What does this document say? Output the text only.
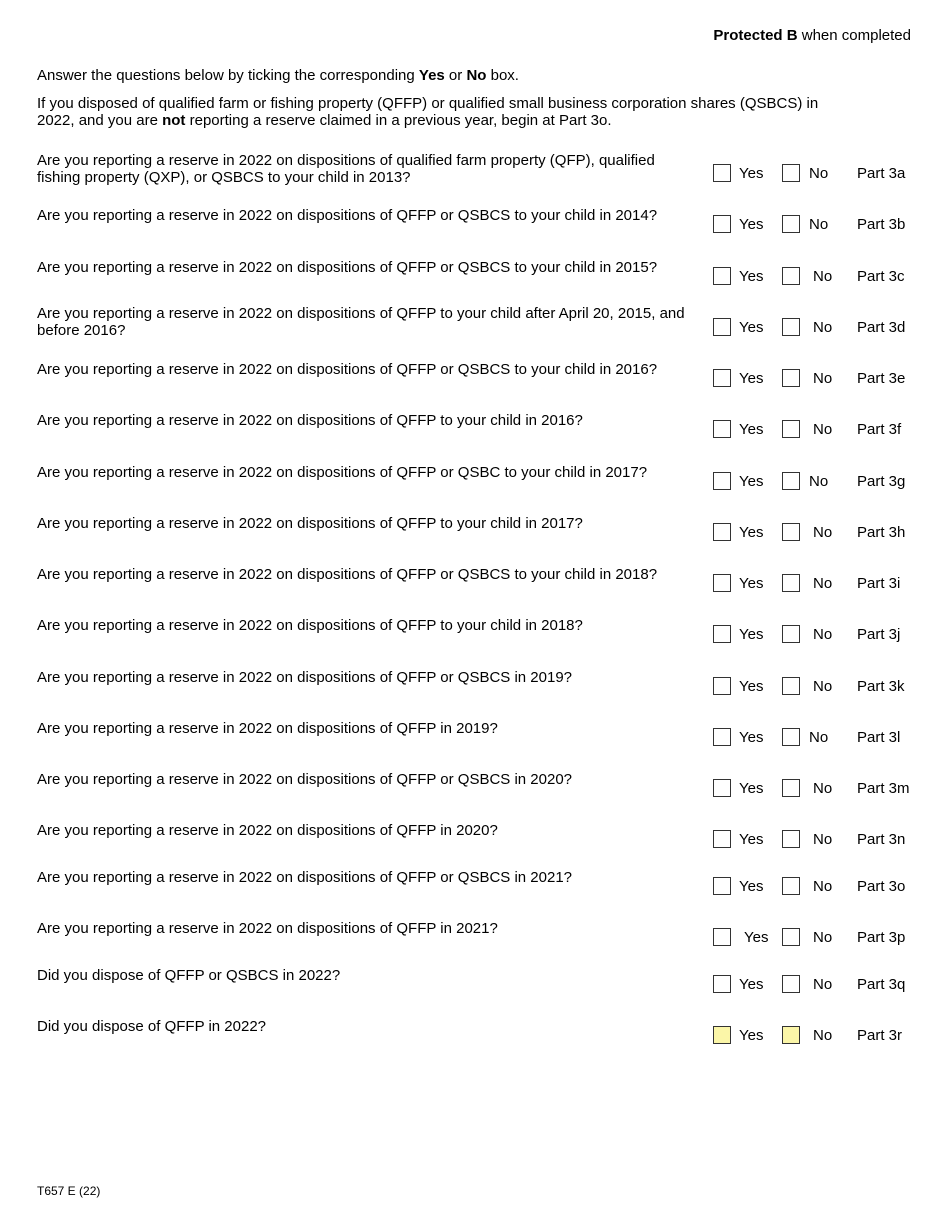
Protected B when completed
Answer the questions below by ticking the corresponding Yes or No box.
If you disposed of qualified farm or fishing property (QFFP) or qualified small business corporation shares (QSBCS) in 2022, and you are not reporting a reserve claimed in a previous year, begin at Part 3o.
Are you reporting a reserve in 2022 on dispositions of qualified farm property (QFP), qualified fishing property (QXP), or QSBCS to your child in 2013?	Yes	No Part 3a
Are you reporting a reserve in 2022 on dispositions of QFFP or QSBCS to your child in 2014?
Yes	No Part 3b
Are you reporting a reserve in 2022 on dispositions of QFFP or QSBCS to your child in 2015?
Yes	No Part 3c
Are you reporting a reserve in 2022 on dispositions of QFFP to your child after April 20, 2015, and before 2016?	Yes	No Part 3d
Are you reporting a reserve in 2022 on dispositions of QFFP or QSBCS to your child in 2016?
Yes	No Part 3e
Are you reporting a reserve in 2022 on dispositions of QFFP to your child in 2016?
Yes	No Part 3f
Are you reporting a reserve in 2022 on dispositions of QFFP or QSBC to your child in 2017?
Yes	No Part 3g
Are you reporting a reserve in 2022 on dispositions of QFFP to your child in 2017?
Yes	No Part 3h
Are you reporting a reserve in 2022 on dispositions of QFFP or QSBCS to your child in 2018?
Yes	No Part 3i
Are you reporting a reserve in 2022 on dispositions of QFFP to your child in 2018?
Yes	No Part 3j
Are you reporting a reserve in 2022 on dispositions of QFFP or QSBCS in 2019?
Yes	No Part 3k
Are you reporting a reserve in 2022 on dispositions of QFFP in 2019?
Yes	No Part 3l
Are you reporting a reserve in 2022 on dispositions of QFFP or QSBCS in 2020?
Yes	No Part 3m
Are you reporting a reserve in 2022 on dispositions of QFFP in 2020?
Yes	No Part 3n
Are you reporting a reserve in 2022 on dispositions of QFFP or QSBCS in 2021?
Yes	No Part 3o
Are you reporting a reserve in 2022 on dispositions of QFFP in 2021?
Yes	No Part 3p
Did you dispose of QFFP or QSBCS in 2022?
Yes	No Part 3q
Did you dispose of QFFP in 2022?
Yes	No Part 3r
T657 E (22)
